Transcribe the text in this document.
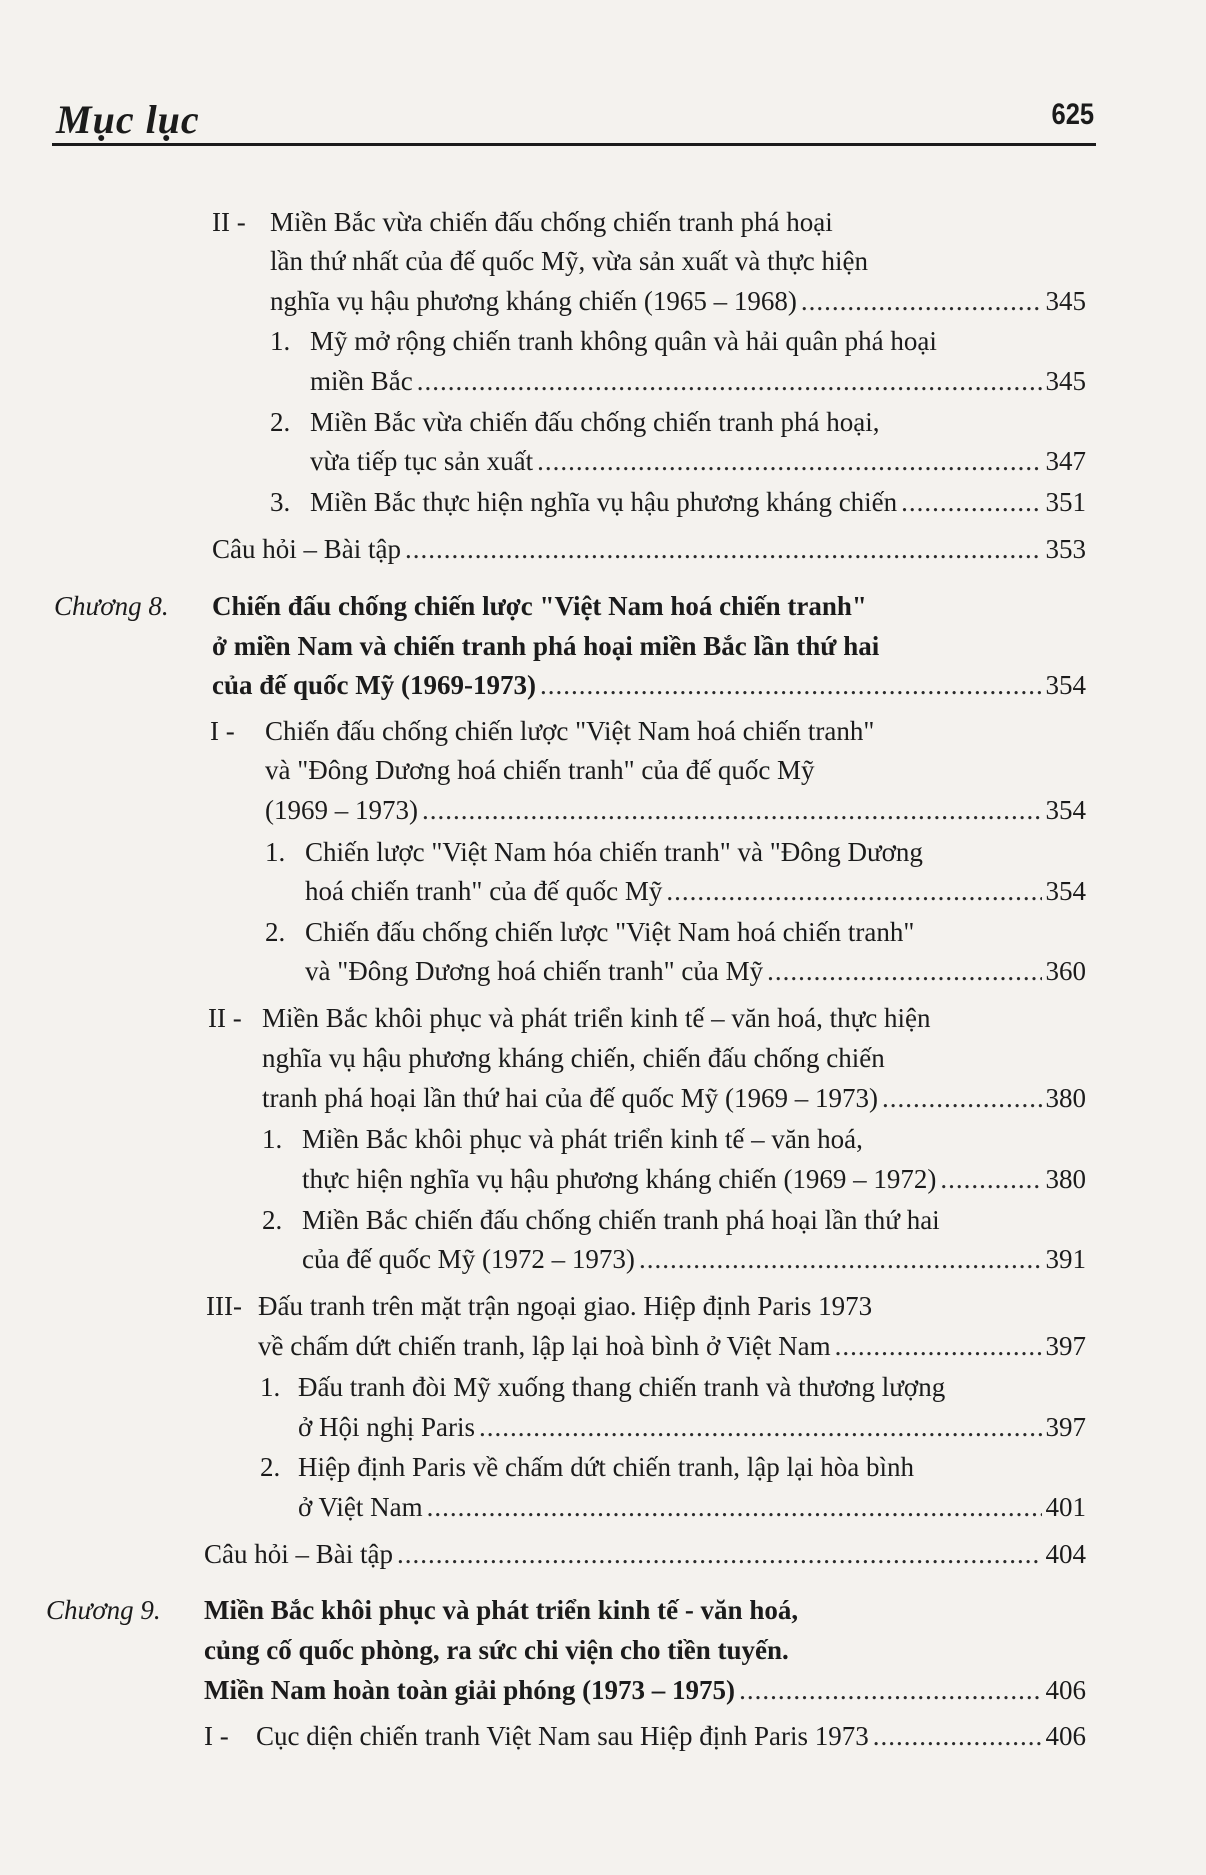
Mục lục	625
II - Miền Bắc vừa chiến đấu chống chiến tranh phá hoại
lần thứ nhất của đế quốc Mỹ, vừa sản xuất và thực hiện
nghĩa vụ hậu phương kháng chiến (1965 – 1968) .....	345
1. Mỹ mở rộng chiến tranh không quân và hải quân phá hoại
miền Bắc .....	345
2. Miền Bắc vừa chiến đấu chống chiến tranh phá hoại,
vừa tiếp tục sản xuất .....	347
3. Miền Bắc thực hiện nghĩa vụ hậu phương kháng chiến .....	351
Câu hỏi – Bài tập .....	353
Chương 8. Chiến đấu chống chiến lược "Việt Nam hoá chiến tranh"
ở miền Nam và chiến tranh phá hoại miền Bắc lần thứ hai
của đế quốc Mỹ (1969-1973) .....	354
I - Chiến đấu chống chiến lược "Việt Nam hoá chiến tranh"
và "Đông Dương hoá chiến tranh" của đế quốc Mỹ
(1969 – 1973) .....	354
1. Chiến lược "Việt Nam hóa chiến tranh" và "Đông Dương
hoá chiến tranh" của đế quốc Mỹ .....	354
2. Chiến đấu chống chiến lược "Việt Nam hoá chiến tranh"
và "Đông Dương hoá chiến tranh" của Mỹ .....	360
II - Miền Bắc khôi phục và phát triển kinh tế – văn hoá, thực hiện
nghĩa vụ hậu phương kháng chiến, chiến đấu chống chiến
tranh phá hoại lần thứ hai của đế quốc Mỹ (1969 – 1973) .....	380
1. Miền Bắc khôi phục và phát triển kinh tế – văn hoá,
thực hiện nghĩa vụ hậu phương kháng chiến (1969 – 1972) .....	380
2. Miền Bắc chiến đấu chống chiến tranh phá hoại lần thứ hai
của đế quốc Mỹ (1972 – 1973) .....	391
III- Đấu tranh trên mặt trận ngoại giao. Hiệp định Paris 1973
về chấm dứt chiến tranh, lập lại hoà bình ở Việt Nam .....	397
1. Đấu tranh đòi Mỹ xuống thang chiến tranh và thương lượng
ở Hội nghị Paris .....	397
2. Hiệp định Paris về chấm dứt chiến tranh, lập lại hòa bình
ở Việt Nam .....	401
Câu hỏi – Bài tập .....	404
Chương 9. Miền Bắc khôi phục và phát triển kinh tế - văn hoá,
củng cố quốc phòng, ra sức chi viện cho tiền tuyến.
Miền Nam hoàn toàn giải phóng (1973 – 1975) .....	406
I - Cục diện chiến tranh Việt Nam sau Hiệp định Paris 1973 .....	406
